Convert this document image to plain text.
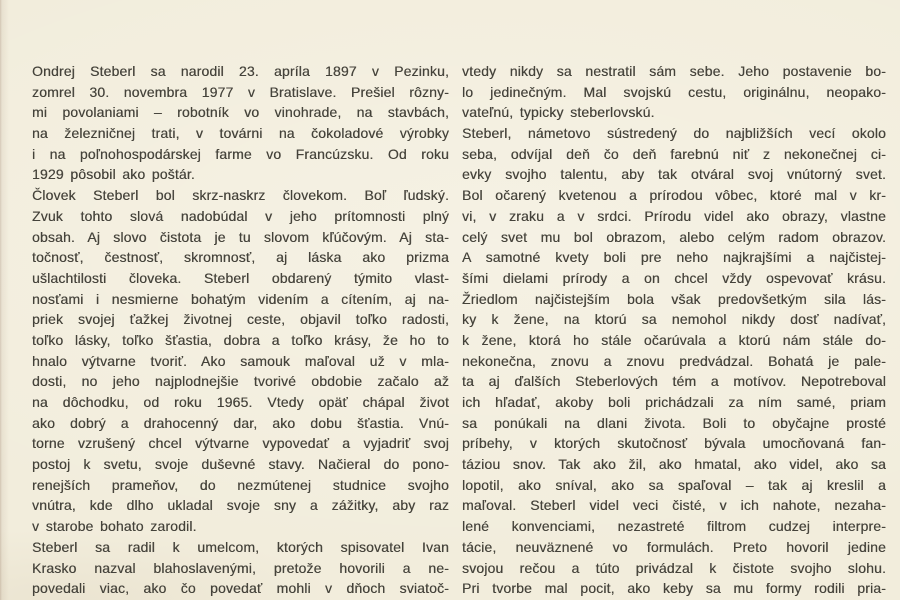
Ondrej Steberl sa narodil 23. apríla 1897 v Pezinku,
zomrel 30. novembra 1977 v Bratislave. Prešiel rôzny-
mi povolaniami – robotník vo vinohrade, na stavbách,
na železničnej trati, v továrni na čokoladové výrobky
i na poľnohospodárskej farme vo Francúzsku. Od roku
1929 pôsobil ako poštár.
Človek Steberl bol skrz-naskrz človekom. Boľ ľudský.
Zvuk tohto slová nadobúdal v jeho prítomnosti plný
obsah. Aj slovo čistota je tu slovom kľúčovým. Aj sta-
točnosť, čestnosť, skromnosť, aj láska ako prizma
ušlachtilosti človeka. Steberl obdarený týmito vlast-
nosťami i nesmierne bohatým videním a cítením, aj na-
priek svojej ťažkej životnej ceste, objavil toľko radosti,
toľko lásky, toľko šťastia, dobra a toľko krásy, že ho to
hnalo výtvarne tvoriť. Ako samouk maľoval už v mla-
dosti, no jeho najplodnejšie tvorivé obdobie začalo až
na dôchodku, od roku 1965. Vtedy opäť chápal život
ako dobrý a drahocenný dar, ako dobu šťastia. Vnú-
torne vzrušený chcel výtvarne vypovedať a vyjadriť svoj
postoj k svetu, svoje duševné stavy. Načieral do pono-
renejších prameňov, do nezmútenej studnice svojho
vnútra, kde dlho ukladal svoje sny a zážitky, aby raz
v starobe bohato zarodil.
Steberl sa radil k umelcom, ktorých spisovatel Ivan
Krasko nazval blahoslavenými, pretože hovorili a ne-
povedali viac, ako čo povedať mohli v dňoch sviatoč-
vtedy nikdy sa nestratil sám sebe. Jeho postavenie bo-
lo jedinečným. Mal svojskú cestu, originálnu, neopako-
vateľnú, typicky steberlovskú.
Steberl, námetovo sústredený do najbližších vecí okolo
seba, odvíjal deň čo deň farebnú niť z nekonečnej ci-
evky svojho talentu, aby tak otváral svoj vnútorný svet.
Bol očarený kvetenou a prírodou vôbec, ktoré mal v kr-
vi, v zraku a v srdci. Prírodu videl ako obrazy, vlastne
celý svet mu bol obrazom, alebo celým radom obrazov.
A samotné kvety boli pre neho najkrajšími a najčistej-
šími dielami prírody a on chcel vždy ospevovať krásu.
Žriedlom najčistejším bola však predovšetkým sila lás-
ky k žene, na ktorú sa nemohol nikdy dosť nadívať,
k žene, ktorá ho stále očarúvala a ktorú nám stále do-
nekonečna, znovu a znovu predvádzal. Bohatá je pale-
ta aj ďalších Steberlových tém a motívov. Nepotreboval
ich hľadať, akoby boli prichádzali za ním samé, priam
sa ponúkali na dlani života. Boli to obyčajne prosté
príbehy, v ktorých skutočnosť bývala umocňovaná fan-
táziou snov. Tak ako žil, ako hmatal, ako videl, ako sa
lopotil, ako sníval, ako sa spaľoval – tak aj kreslil a
maľoval. Steberl videl veci čisté, v ich nahote, nezaha-
lené konvenciami, nezastreté filtrom cudzej interpre-
tácie, neuväznené vo formulách. Preto hovoril jedine
svojou rečou a túto privádzal k čistote svojho slohu.
Pri tvorbe mal pocit, ako keby sa mu formy rodili pria-
